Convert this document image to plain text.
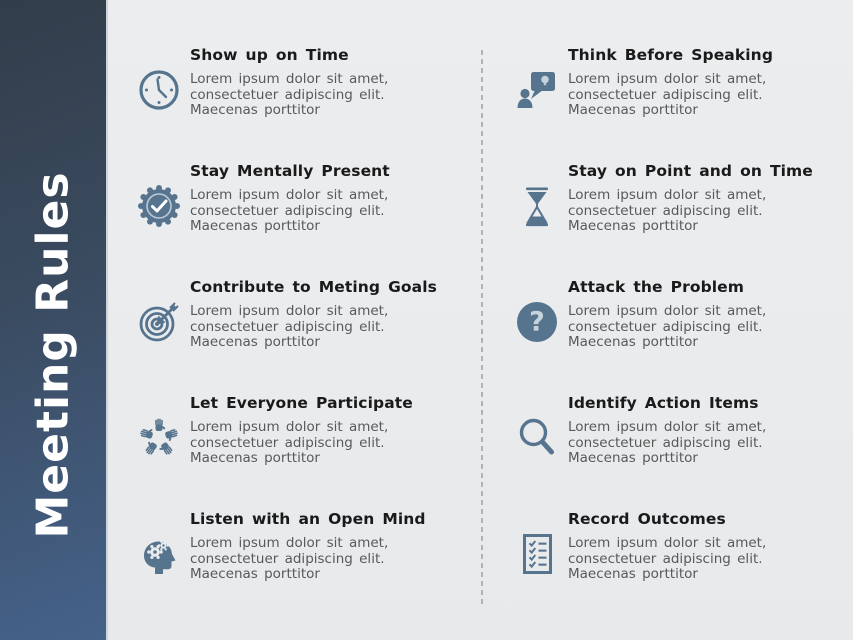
Meeting Rules
Show up on Time
Lorem ipsum dolor sit amet, consectetuer adipiscing elit. Maecenas porttitor
Stay Mentally Present
Lorem ipsum dolor sit amet, consectetuer adipiscing elit. Maecenas porttitor
Contribute to Meting Goals
Lorem ipsum dolor sit amet, consectetuer adipiscing elit. Maecenas porttitor
Let Everyone Participate
Lorem ipsum dolor sit amet, consectetuer adipiscing elit. Maecenas porttitor
Listen with an Open Mind
Lorem ipsum dolor sit amet, consectetuer adipiscing elit. Maecenas porttitor
Think Before Speaking
Lorem ipsum dolor sit amet, consectetuer adipiscing elit. Maecenas porttitor
Stay on Point and on Time
Lorem ipsum dolor sit amet, consectetuer adipiscing elit. Maecenas porttitor
?
Attack the Problem
Lorem ipsum dolor sit amet, consectetuer adipiscing elit. Maecenas porttitor
Identify Action Items
Lorem ipsum dolor sit amet, consectetuer adipiscing elit. Maecenas porttitor
Record Outcomes
Lorem ipsum dolor sit amet, consectetuer adipiscing elit. Maecenas porttitor
